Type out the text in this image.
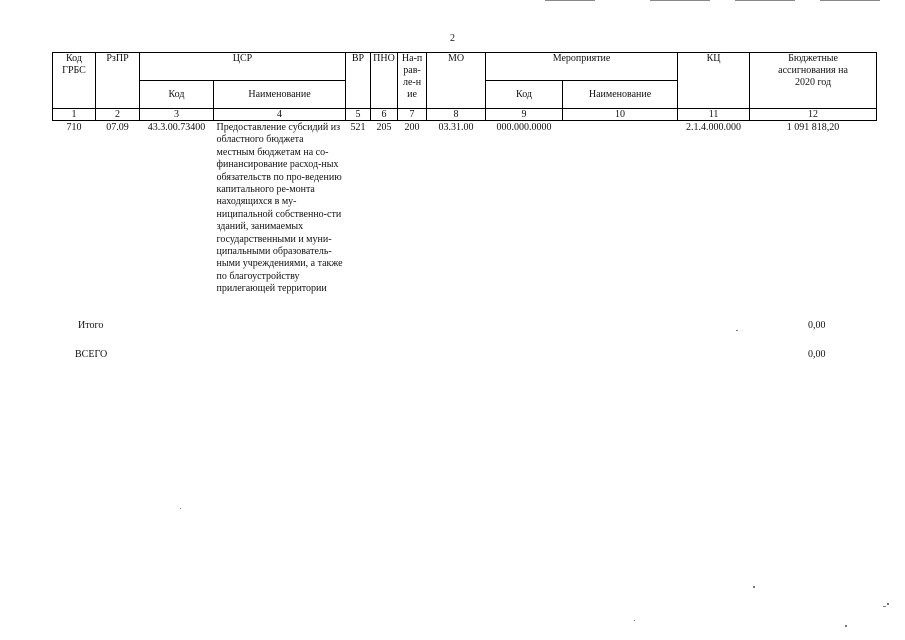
2
Код ГРБС	РзПР	ЦСР		ВР	ПНО	На-прав-ле-ние	МО	Мероприятие		КЦ	Бюджетные ассигнования на 2020 год
		Код	Наименование					Код	Наименование		
1	2	3	4	5	6	7	8	9	10	11	12
710	07.09	43.3.00.73400	Предоставление субсидий из областного бюджета местным бюджетам на со-финансирование расход-ных обязательств по про-ведению капитального ре-монта находящихся в му-ниципальной собственно-сти зданий, занимаемых государственными и муни-ципальными образователь-ными учреждениями, а также по благоустройству прилегающей территории	521	205	200	03.31.00	000.000.0000		2.1.4.000.000	1 091 818,20
Итого	0,00
ВСЕГО	0,00
